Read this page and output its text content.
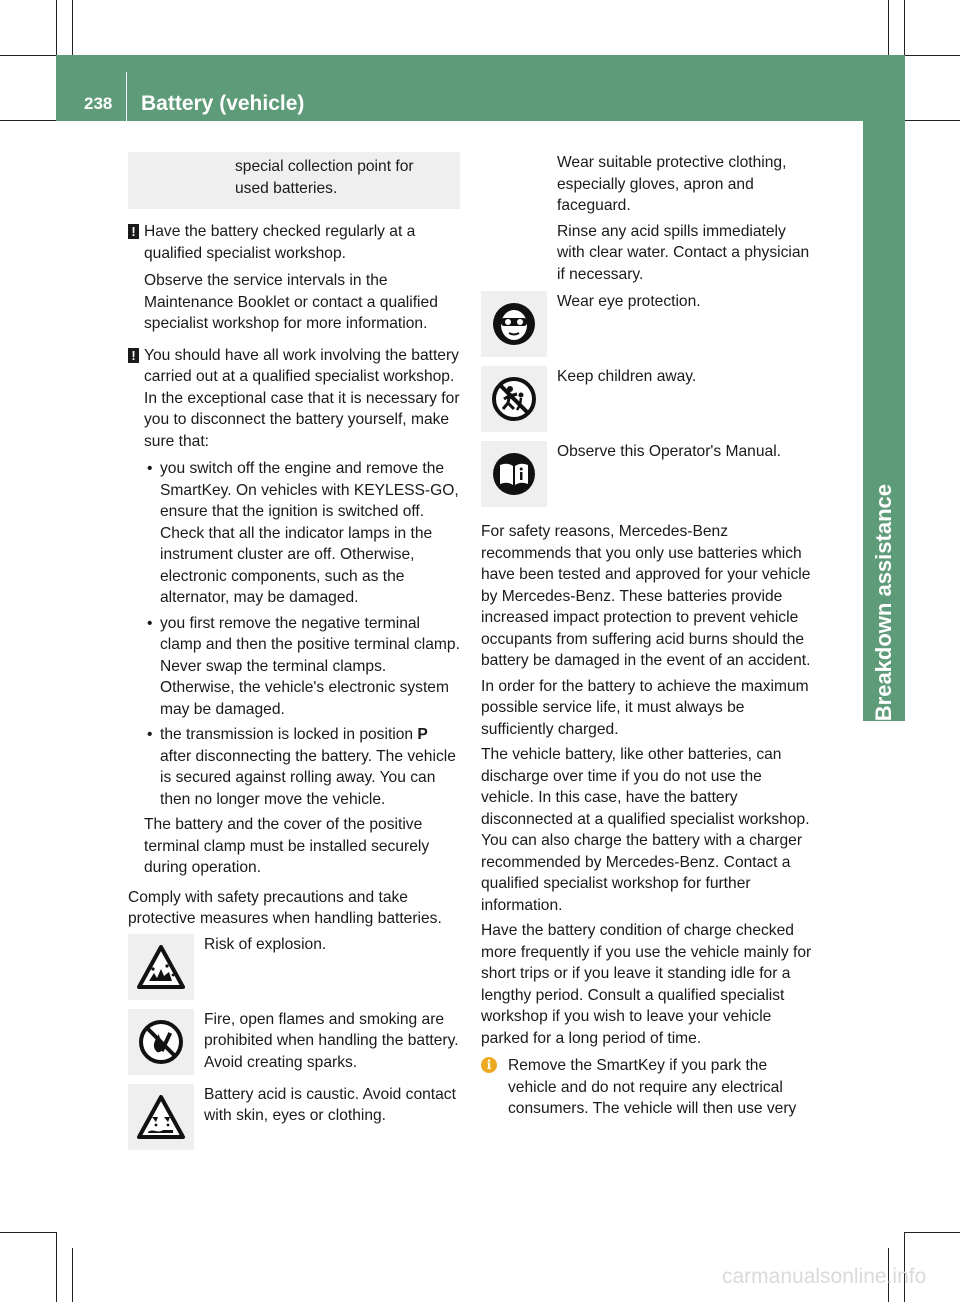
238 Battery (vehicle)
Breakdown assistance

special collection point for used batteries.

! Have the battery checked regularly at a qualified specialist workshop.

Observe the service intervals in the Maintenance Booklet or contact a qualified specialist workshop for more information.
! You should have all work involving the battery carried out at a qualified specialist workshop. In the exceptional case that it is necessary for you to disconnect the battery yourself, make sure that:

• you switch off the engine and remove the SmartKey. On vehicles with KEYLESS-GO, ensure that the ignition is switched off. Check that all the indicator lamps in the instrument cluster are off. Otherwise, electronic components, such as the alternator, may be damaged.
• you first remove the negative terminal clamp and then the positive terminal clamp. Never swap the terminal clamps. Otherwise, the vehicle's electronic system may be damaged.
• the transmission is locked in position P after disconnecting the battery. The vehicle is secured against rolling away. You can then no longer move the vehicle.
The battery and the cover of the positive terminal clamp must be installed securely during operation.

Comply with safety precautions and take protective measures when handling batteries.

Risk of explosion.
Fire, open flames and smoking are prohibited when handling the battery. Avoid creating sparks.
Battery acid is caustic. Avoid contact with skin, eyes or clothing.

Wear suitable protective clothing, especially gloves, apron and faceguard.

Rinse any acid spills immediately with clear water. Contact a physician if necessary.

Wear eye protection.
Keep children away.
Observe this Operator's Manual.

For safety reasons, Mercedes-Benz recommends that you only use batteries which have been tested and approved for your vehicle by Mercedes-Benz. These batteries provide increased impact protection to prevent vehicle occupants from suffering acid burns should the battery be damaged in the event of an accident.

In order for the battery to achieve the maximum possible service life, it must always be sufficiently charged.

The vehicle battery, like other batteries, can discharge over time if you do not use the vehicle. In this case, have the battery disconnected at a qualified specialist workshop. You can also charge the battery with a charger recommended by Mercedes-Benz. Contact a qualified specialist workshop for further information.

Have the battery condition of charge checked more frequently if you use the vehicle mainly for short trips or if you leave it standing idle for a lengthy period. Consult a qualified specialist workshop if you wish to leave your vehicle parked for a long period of time.

i	Remove the SmartKey if you park the vehicle and do not require any electrical consumers. The vehicle will then use very

carmanualsonline.info
